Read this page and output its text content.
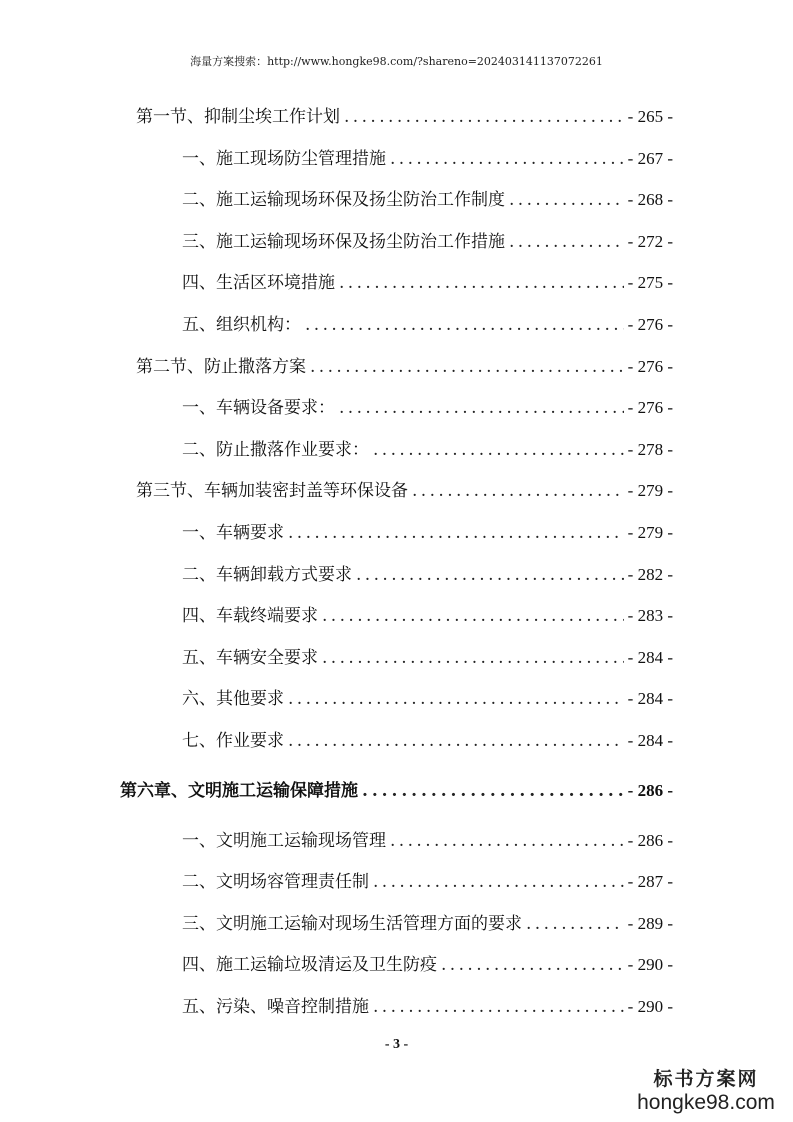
海量方案搜索：http://www.hongke98.com/?shareno=202403141137072261
第一节、抑制尘埃工作计划 . . .	- 265 -
一、施工现场防尘管理措施 . . .	- 267 -
二、施工运输现场环保及扬尘防治工作制度 . . .	- 268 -
三、施工运输现场环保及扬尘防治工作措施 . . .	- 272 -
四、生活区环境措施 . . .	- 275 -
五、组织机构： . . .	- 276 -
第二节、防止撒落方案 . . .	- 276 -
一、车辆设备要求： . . .	- 276 -
二、防止撒落作业要求： . . .	- 278 -
第三节、车辆加装密封盖等环保设备 . . .	- 279 -
一、车辆要求 . . .	- 279 -
二、车辆卸载方式要求 . . .	- 282 -
四、车载终端要求 . . .	- 283 -
五、车辆安全要求 . . .	- 284 -
六、其他要求 . . .	- 284 -
七、作业要求 . . .	- 284 -
第六章、文明施工运输保障措施 . . .	- 286 -
一、文明施工运输现场管理 . . .	- 286 -
二、文明场容管理责任制 . . .	- 287 -
三、文明施工运输对现场生活管理方面的要求 . . .	- 289 -
四、施工运输垃圾清运及卫生防疫 . . .	- 290 -
五、污染、噪音控制措施 . . .	- 290 -
- 3 -
标书方案网
hongke98.com
